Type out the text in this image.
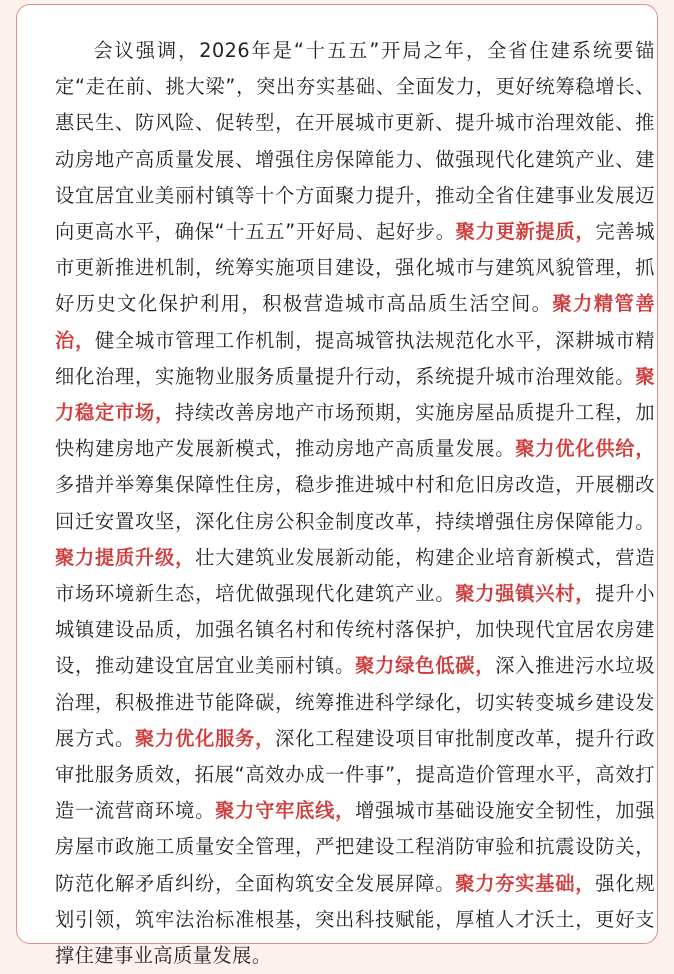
会议强调，2026年是“十五五”开局之年，全省住建系统要锚定“走在前、挑大梁”，突出夯实基础、全面发力，更好统筹稳增长、惠民生、防风险、促转型，在开展城市更新、提升城市治理效能、推动房地产高质量发展、增强住房保障能力、做强现代化建筑产业、建设宜居宜业美丽村镇等十个方面聚力提升，推动全省住建事业发展迈向更高水平，确保“十五五”开好局、起好步。聚力更新提质，完善城市更新推进机制，统筹实施项目建设，强化城市与建筑风貌管理，抓好历史文化保护利用，积极营造城市高品质生活空间。聚力精管善治，健全城市管理工作机制，提高城管执法规范化水平，深耕城市精细化治理，实施物业服务质量提升行动，系统提升城市治理效能。聚力稳定市场，持续改善房地产市场预期，实施房屋品质提升工程，加快构建房地产发展新模式，推动房地产高质量发展。聚力优化供给，多措并举筹集保障性住房，稳步推进城中村和危旧房改造，开展棚改回迁安置攻坚，深化住房公积金制度改革，持续增强住房保障能力。聚力提质升级，壮大建筑业发展新动能，构建企业培育新模式，营造市场环境新生态，培优做强现代化建筑产业。聚力强镇兴村，提升小城镇建设品质，加强名镇名村和传统村落保护，加快现代宜居农房建设，推动建设宜居宜业美丽村镇。聚力绿色低碳，深入推进污水垃圾治理，积极推进节能降碳，统筹推进科学绿化，切实转变城乡建设发展方式。聚力优化服务，深化工程建设项目审批制度改革，提升行政审批服务质效，拓展“高效办成一件事”，提高造价管理水平，高效打造一流营商环境。聚力守牢底线，增强城市基础设施安全韧性，加强房屋市政施工质量安全管理，严把建设工程消防审验和抗震设防关，防范化解矛盾纠纷，全面构筑安全发展屏障。聚力夯实基础，强化规划引领，筑牢法治标准根基，突出科技赋能，厚植人才沃土，更好支撑住建事业高质量发展。
